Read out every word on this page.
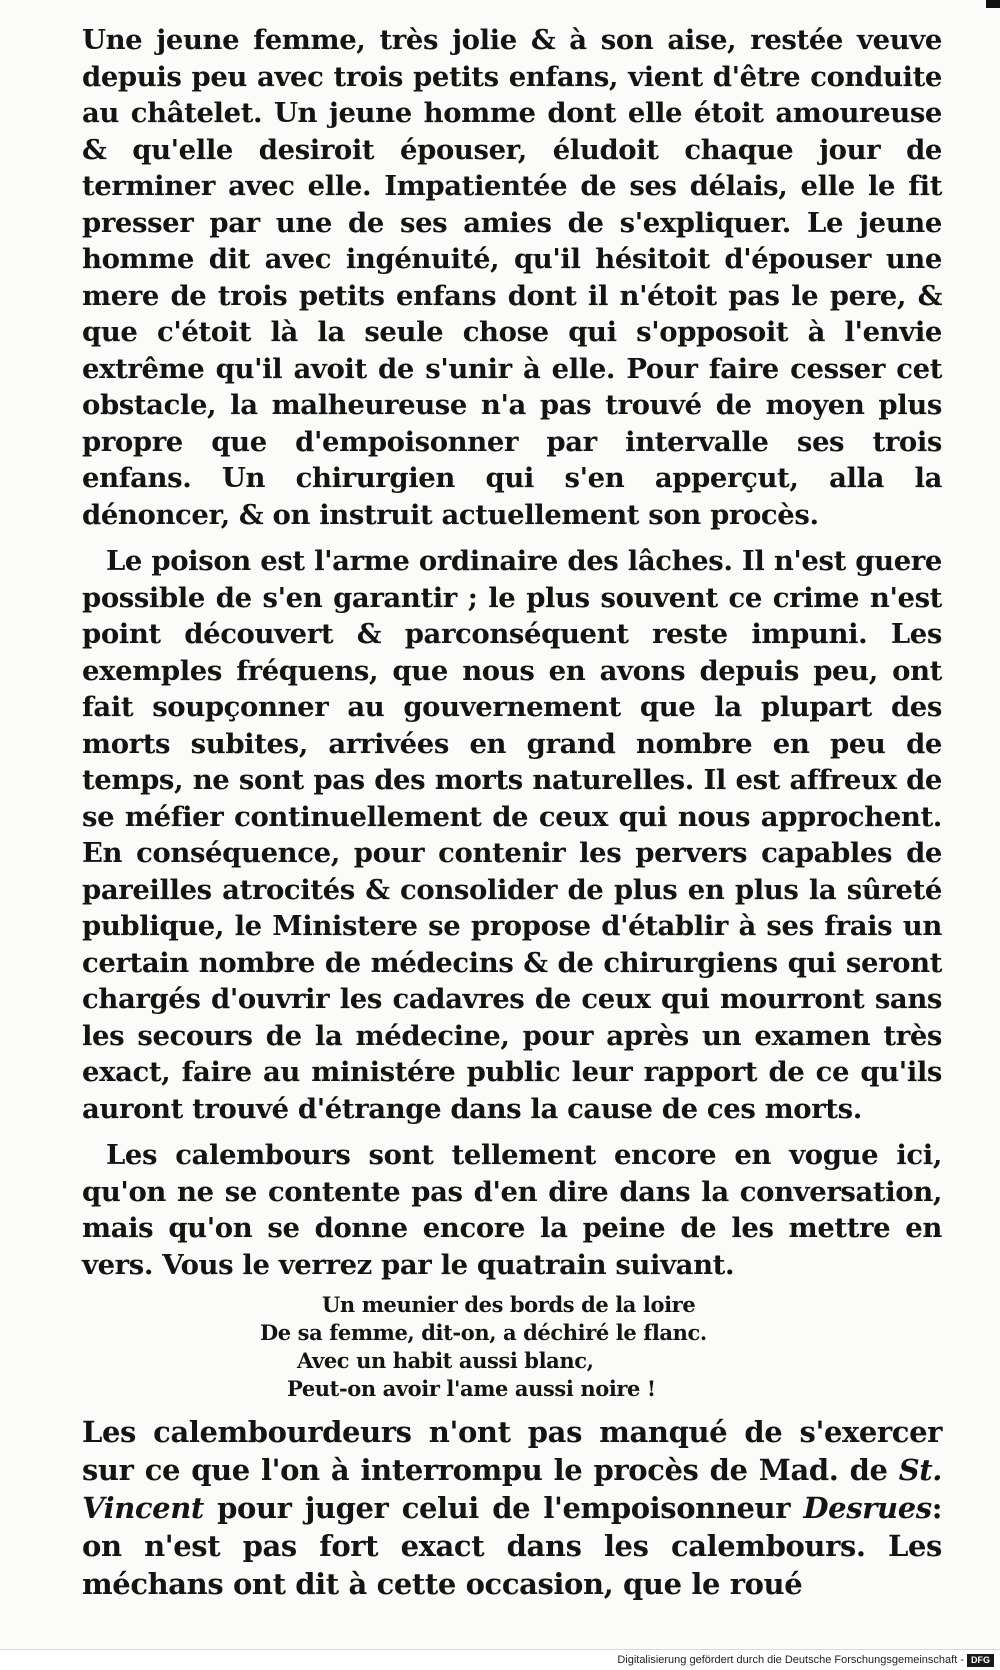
Une jeune femme, très jolie & à son aise, restée veuve depuis peu avec trois petits enfans, vient d'être conduite au châtelet. Un jeune homme dont elle étoit amoureuse & qu'elle desiroit épouser, éludoit chaque jour de terminer avec elle. Impatientée de ses délais, elle le fit presser par une de ses amies de s'expliquer. Le jeune homme dit avec ingénuité, qu'il hésitoit d'épouser une mere de trois petits enfans dont il n'étoit pas le pere, & que c'étoit là la seule chose qui s'opposoit à l'envie extrême qu'il avoit de s'unir à elle. Pour faire cesser cet obstacle, la malheureuse n'a pas trouvé de moyen plus propre que d'empoisonner par intervalle ses trois enfans. Un chirurgien qui s'en apperçut, alla la dénoncer, & on instruit actuellement son procès.

Le poison est l'arme ordinaire des lâches. Il n'est guere possible de s'en garantir ; le plus souvent ce crime n'est point découvert & parconséquent reste impuni. Les exemples fréquens, que nous en avons depuis peu, ont fait soupçonner au gouvernement que la plupart des morts subites, arrivées en grand nombre en peu de temps, ne sont pas des morts naturelles. Il est affreux de se méfier continuellement de ceux qui nous approchent. En conséquence, pour contenir les pervers capables de pareilles atrocités & consolider de plus en plus la sûreté publique, le Ministere se propose d'établir à ses frais un certain nombre de médecins & de chirurgiens qui seront chargés d'ouvrir les cadavres de ceux qui mourront sans les secours de la médecine, pour après un examen très exact, faire au ministére public leur rapport de ce qu'ils auront trouvé d'étrange dans la cause de ces morts.

Les calembours sont tellement encore en vogue ici, qu'on ne se contente pas d'en dire dans la conversation, mais qu'on se donne encore la peine de les mettre en vers. Vous le verrez par le quatrain suivant.

Un meunier des bords de la loire
De sa femme, dit-on, a déchiré le flanc.
Avec un habit aussi blanc,
Peut-on avoir l'ame aussi noire !

Les calembourdeurs n'ont pas manqué de s'exercer sur ce que l'on à interrompu le procès de Mad. de St. Vincent pour juger celui de l'empoisonneur Desrues: on n'est pas fort exact dans les calembours. Les méchans ont dit à cette occasion, que le roué

Digitalisierung gefördert durch die Deutsche Forschungsgemeinschaft - DFG
